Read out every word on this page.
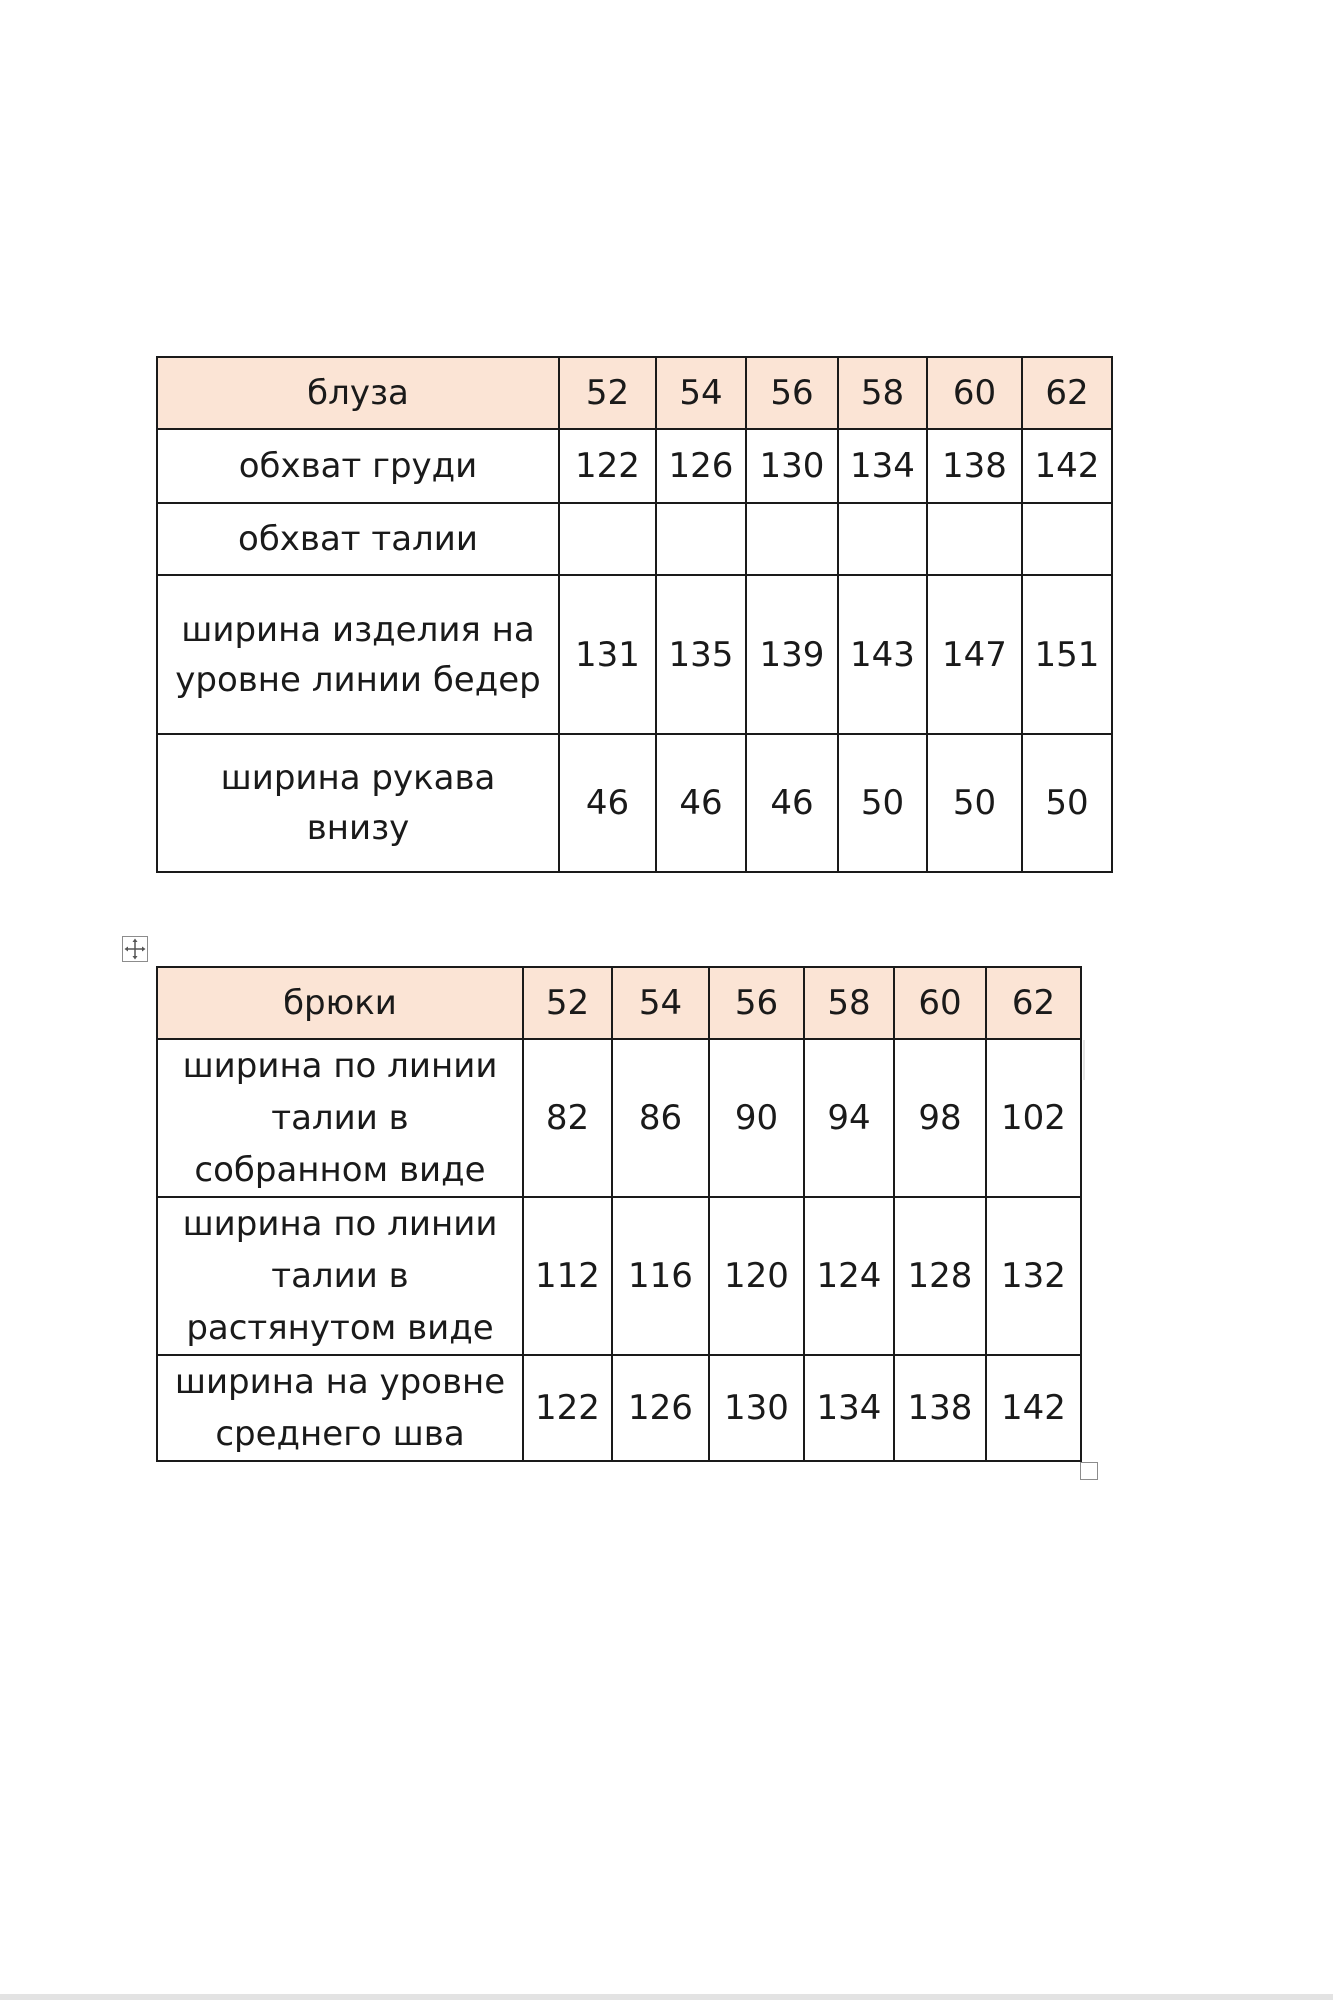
блуза	52	54	56	58	60	62
обхват груди	122	126	130	134	138	142
обхват талии						
ширина изделия на уровне линии бедер	131	135	139	143	147	151
ширина рукава внизу	46	46	46	50	50	50
брюки	52	54	56	58	60	62
ширина по линии талии в собранном виде	82	86	90	94	98	102
ширина по линии талии в растянутом виде	112	116	120	124	128	132
ширина на уровне среднего шва	122	126	130	134	138	142
